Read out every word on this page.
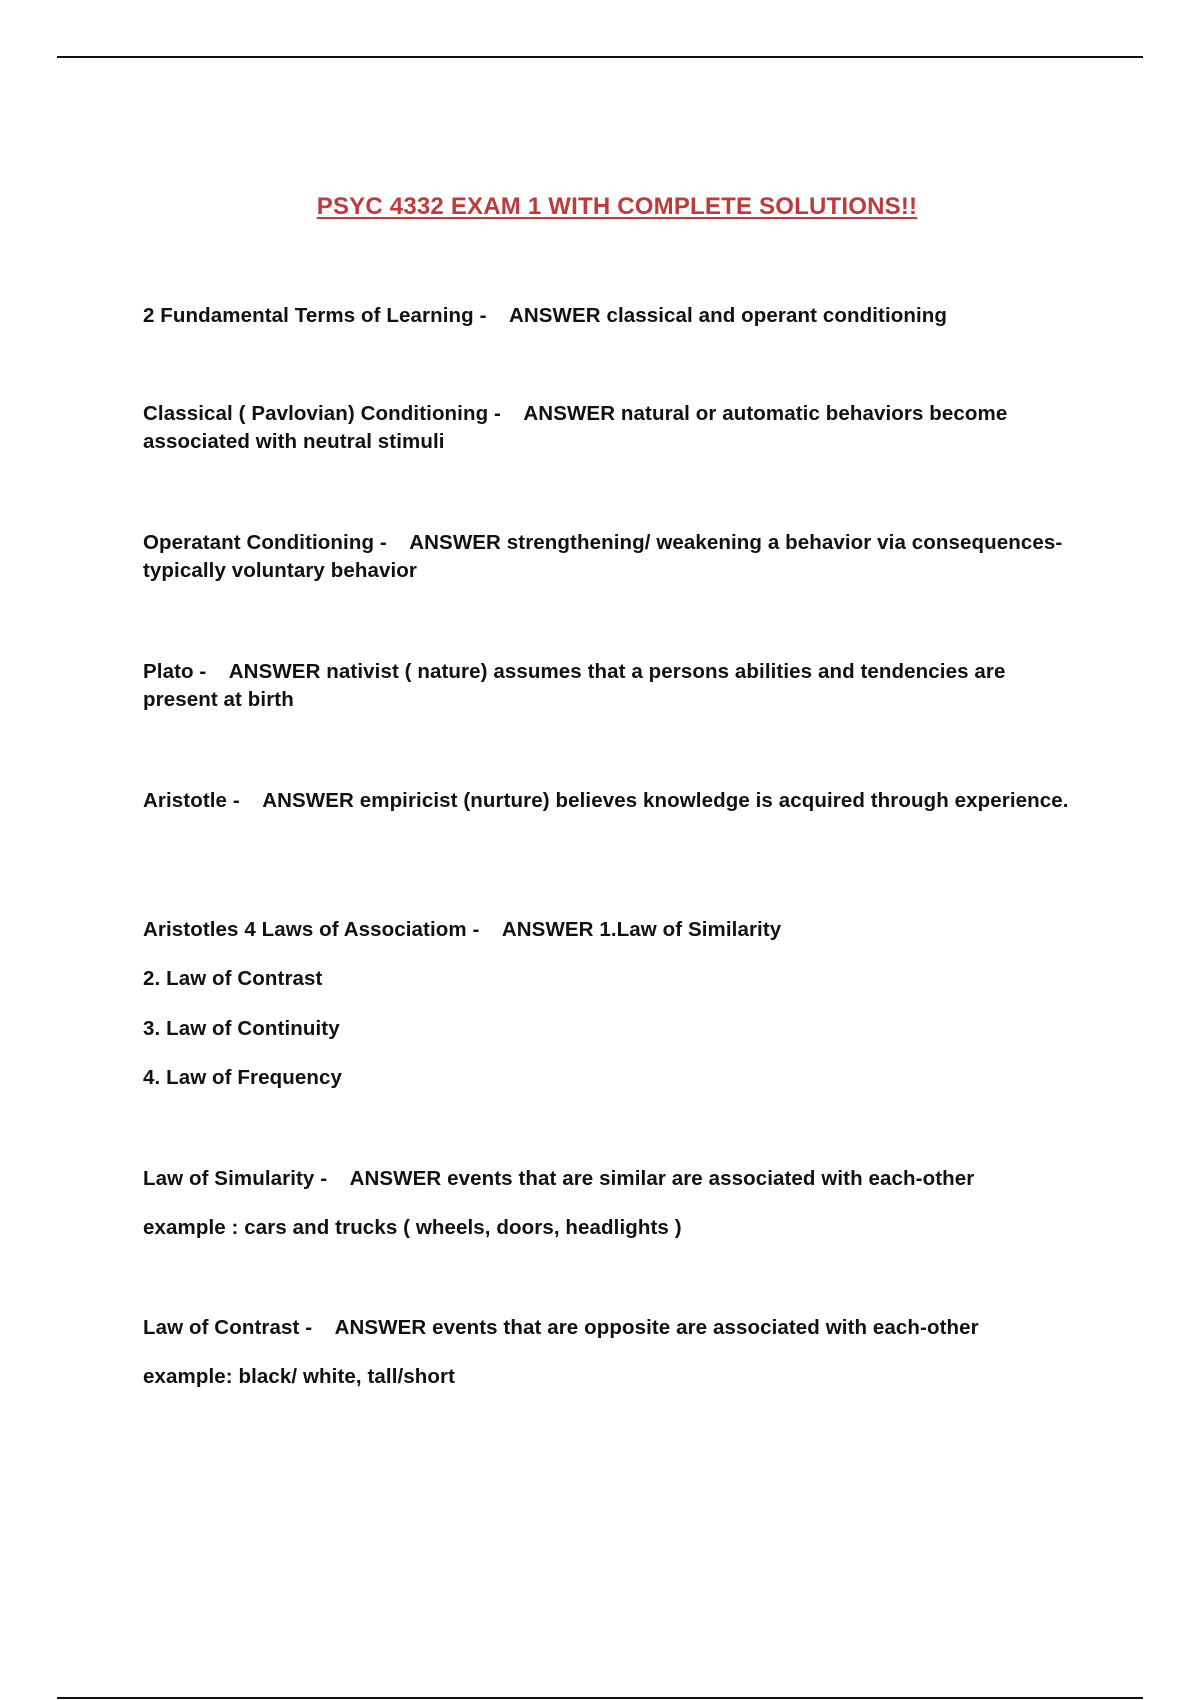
PSYC 4332 EXAM 1 WITH COMPLETE SOLUTIONS!!
2 Fundamental Terms of Learning -    ANSWER classical and operant conditioning
Classical ( Pavlovian) Conditioning -    ANSWER natural or automatic behaviors become associated with neutral stimuli
Operatant Conditioning -    ANSWER strengthening/ weakening a behavior via consequences-typically voluntary behavior
Plato -    ANSWER nativist ( nature) assumes that a persons abilities and tendencies are present at birth
Aristotle -    ANSWER empiricist (nurture) believes knowledge is acquired through experience.
Aristotles 4 Laws of Associatiom -    ANSWER 1.Law of Similarity
2. Law of Contrast
3. Law of Continuity
4. Law of Frequency
Law of Simularity -    ANSWER events that are similar are associated with each-other
example : cars and trucks ( wheels, doors, headlights )
Law of Contrast -    ANSWER events that are opposite are associated with each-other
example: black/ white, tall/short
